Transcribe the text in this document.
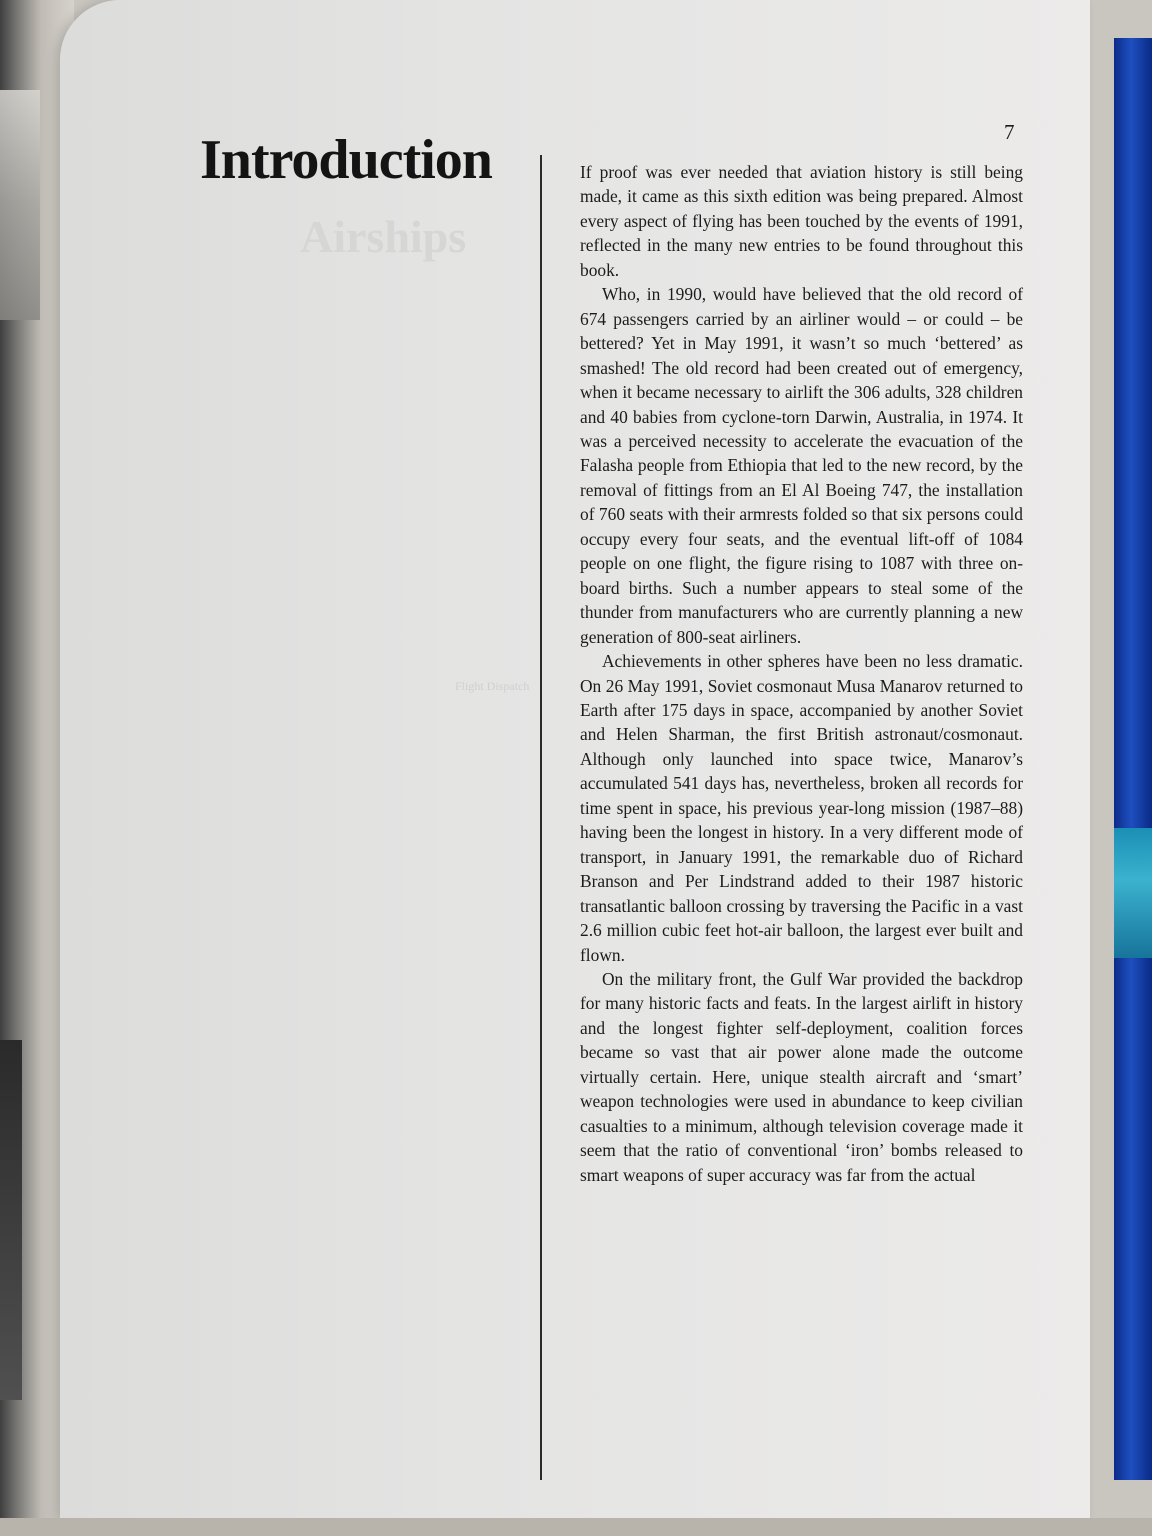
Airships
Flight Dispatch
7
Introduction	If proof was ever needed that aviation history is still being made, it came as this sixth edition was being prepared. Almost every aspect of flying has been touched by the events of 1991, reflected in the many new entries to be found throughout this book.

Who, in 1990, would have believed that the old record of 674 passengers carried by an airliner would – or could – be bettered? Yet in May 1991, it wasn’t so much ‘bettered’ as smashed! The old record had been created out of emergency, when it became necessary to airlift the 306 adults, 328 children and 40 babies from cyclone-torn Darwin, Australia, in 1974. It was a perceived necessity to accelerate the evacuation of the Falasha people from Ethiopia that led to the new record, by the removal of fittings from an El Al Boeing 747, the installation of 760 seats with their armrests folded so that six persons could occupy every four seats, and the eventual lift-off of 1084 people on one flight, the figure rising to 1087 with three on-board births. Such a number appears to steal some of the thunder from manufacturers who are currently planning a new generation of 800-seat airliners.

Achievements in other spheres have been no less dramatic. On 26 May 1991, Soviet cosmonaut Musa Manarov returned to Earth after 175 days in space, accompanied by another Soviet and Helen Sharman, the first British astronaut/cosmonaut. Although only launched into space twice, Manarov’s accumulated 541 days has, nevertheless, broken all records for time spent in space, his previous year-long mission (1987–88) having been the longest in history. In a very different mode of transport, in January 1991, the remarkable duo of Richard Branson and Per Lindstrand added to their 1987 historic transatlantic balloon crossing by traversing the Pacific in a vast 2.6 million cubic feet hot-air balloon, the largest ever built and flown.

On the military front, the Gulf War provided the backdrop for many historic facts and feats. In the largest airlift in history and the longest fighter self-deployment, coalition forces became so vast that air power alone made the outcome virtually certain. Here, unique stealth aircraft and ‘smart’ weapon technologies were used in abundance to keep civilian casualties to a minimum, although television coverage made it seem that the ratio of conventional ‘iron’ bombs released to smart weapons of super accuracy was far from the actual
